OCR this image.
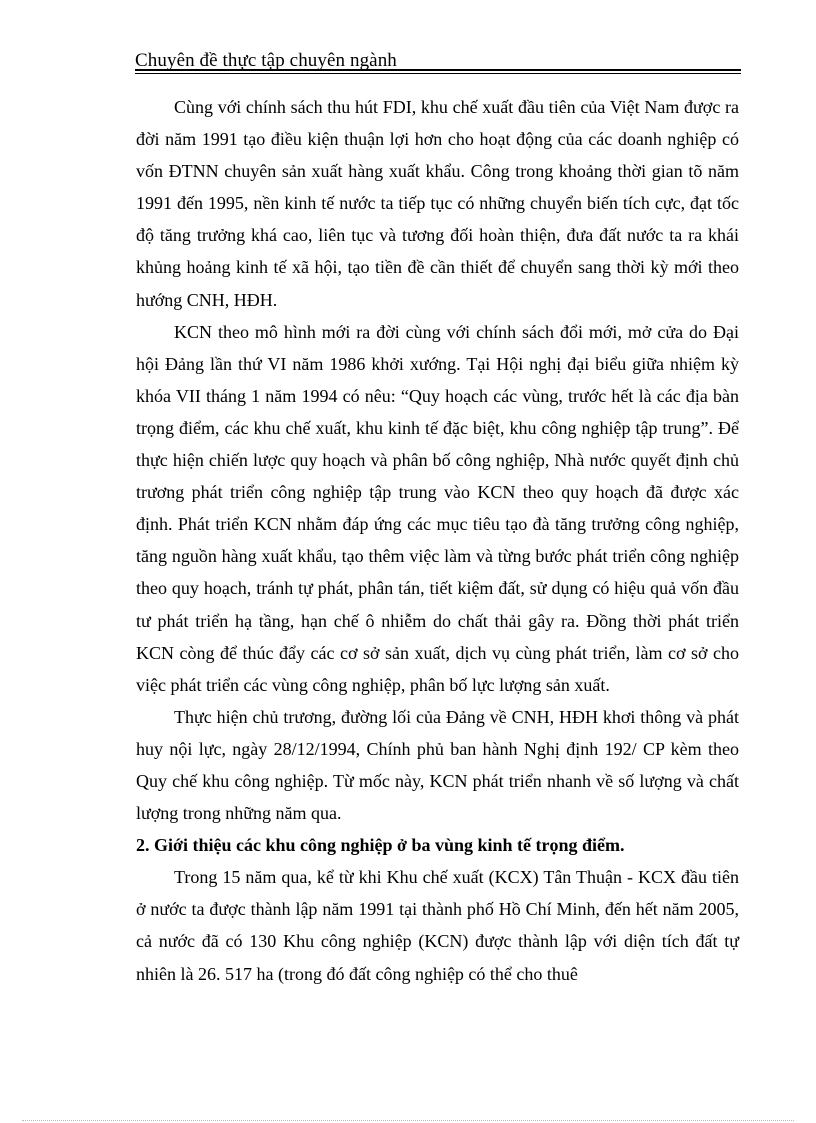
Chuyên đề thực tập chuyên ngành

Cùng với chính sách thu hút FDI, khu chế xuất đầu tiên của Việt Nam được ra đời năm 1991 tạo điều kiện thuận lợi hơn cho hoạt động của các doanh nghiệp có vốn ĐTNN chuyên sản xuất hàng xuất khẩu. Công trong khoảng thời gian tõ năm 1991 đến 1995, nền kinh tế nước ta tiếp tục có những chuyển biến tích cực, đạt tốc độ tăng trưởng khá cao, liên tục và tương đối hoàn thiện, đưa đất nước ta ra khái khủng hoảng kinh tế xã hội, tạo tiền đề cần thiết để chuyển sang thời kỳ mới theo hướng CNH, HĐH.

KCN theo mô hình mới ra đời cùng với chính sách đổi mới, mở cửa do Đại hội Đảng lần thứ VI năm 1986 khởi xướng. Tại Hội nghị đại biểu giữa nhiệm kỳ khóa VII tháng 1 năm 1994 có nêu: “Quy hoạch các vùng, trước hết là các địa bàn trọng điểm, các khu chế xuất, khu kinh tế đặc biệt, khu công nghiệp tập trung”. Để thực hiện chiến lược quy hoạch và phân bố công nghiệp, Nhà nước quyết định chủ trương phát triển công nghiệp tập trung vào KCN theo quy hoạch đã được xác định. Phát triển KCN nhằm đáp ứng các mục tiêu tạo đà tăng trưởng công nghiệp, tăng nguồn hàng xuất khẩu, tạo thêm việc làm và từng bước phát triển công nghiệp theo quy hoạch, tránh tự phát, phân tán, tiết kiệm đất, sử dụng có hiệu quả vốn đầu tư phát triển hạ tầng, hạn chế ô nhiễm do chất thải gây ra. Đồng thời phát triển KCN còng để thúc đẩy các cơ sở sản xuất, dịch vụ cùng phát triển, làm cơ sở cho việc phát triển các vùng công nghiệp, phân bố lực lượng sản xuất.

Thực hiện chủ trương, đường lối của Đảng về CNH, HĐH khơi thông và phát huy nội lực, ngày 28/12/1994, Chính phủ ban hành Nghị định 192/ CP kèm theo Quy chế khu công nghiệp. Từ mốc này, KCN phát triển nhanh về số lượng và chất lượng trong những năm qua.

2. Giới thiệu các khu công nghiệp ở ba vùng kinh tế trọng điểm.

Trong 15 năm qua, kể từ khi Khu chế xuất (KCX) Tân Thuận - KCX đầu tiên ở nước ta được thành lập năm 1991 tại thành phố Hồ Chí Minh, đến hết năm 2005, cả nước đã có 130 Khu công nghiệp (KCN) được thành lập với diện tích đất tự nhiên là 26. 517 ha (trong đó đất công nghiệp có thể cho thuê
